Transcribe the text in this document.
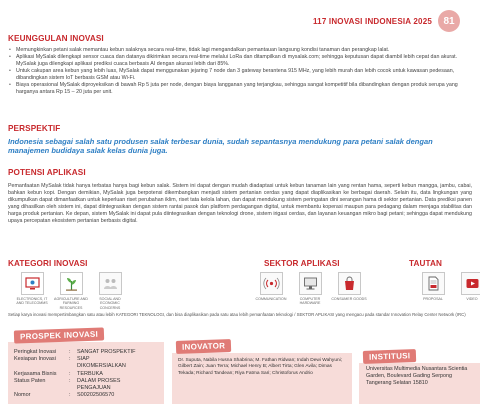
117 INOVASI INDONESIA 2025	81
KEUNGGULAN INOVASI
• Memungkinkan petani salak memantau kebun salaknya secara real-time, tidak lagi mengandalkan pemantauan langsung kondisi tanaman dan perangkap lalat.
• Aplikasi MySalak dilengkapi sensor cuaca dan datanya dikirimkan secara real-time melalui LoRa dan ditampilkan di mysalak.com; sehingga keputusan dapat diambil lebih cepat dan akurat. MySalak juga dilengkapi aplikasi prediksi cuaca berbasis AI dengan akurasi lebih dari 85%.
• Untuk cakupan area kebun yang lebih luas, MySalak dapat menggunakan jejaring 7 node dan 3 gateway berantena 915 MHz, yang lebih murah dan lebih cocok untuk kawasan pedesaan, dibandingkan sistem IoT berbasis GSM atau Wi-Fi.
• Biaya operasional MySalak diproyeksikan di bawah Rp 5 juta per node, dengan biaya langganan yang terjangkau, sehingga sangat kompetitif bila dibandingkan dengan produk serupa yang harganya antara Rp 15 – 20 juta per unit.
PERSPEKTIF
Indonesia sebagai salah satu produsen salak terbesar dunia, sudah sepantasnya mendukung para petani salak dengan manajemen budidaya salak kelas dunia juga.
POTENSI APLIKASI
Pemanfaatan MySalak tidak hanya terbatas hanya bagi kebun salak. Sistem ini dapat dengan mudah diadaptasi untuk kebun tanaman lain yang rentan hama, seperti kebun mangga, jambu, cabai, bahkan kebun kopi. Dengan demikian, MySalak juga berpotensi dikembangkan menjadi sistem pertanian cerdas yang dapat diaplikasikan ke berbagai daerah. Selain itu, data lingkungan yang dikumpulkan dapat dimanfaatkan untuk keperluan riset perubahan iklim, riset tata kelola lahan, dan dapat mendukung sistem peringatan dini serangan hama di sektor pertanian. Data prediksi panen yang dihasilkan oleh sistem ini, dapat diintegrasikan dengan sistem rantai pasok dan platform perdagangan digital, untuk membantu koperasi maupun para pedagang dalam menjaga stabilitas dan harga produk pertanian. Ke depan, sistem MySalak ini dapat pula diintegrasikan dengan teknologi drone, sistem irigasi cerdas, dan layanan keuangan mikro bagi petani; sehingga dapat mendukung upaya percepatan ekosistem pertanian berbasis digital.
KATEGORI INOVASI
ELECTRONICS, IT AND TELECOMMS
AGRICULTURE AND FARMING RESOURCES
SOCIAL AND ECONOMIC CONCERNS
SEKTOR APLIKASI
COMMUNICATION	COMPUTER HARDWARE
CONSUMER GOODS
TAUTAN
PROPOSAL	VIDEO
Setiap karya inovasi mempertimbangkan satu atau lebih KATEGORI TEKNOLOGI, dan bisa diaplikasikan pada satu atau lebih pemanfaatan teknologi / SEKTOR APLIKASI yang mengacu pada standar Innovation Relay Center Network (IRC)
PROSPEK INOVASI
INOVATOR
INSTITUSI
Peringkat Inovasi	:	SANGAT PROSPEKTIF
Kesiapan Inovasi	:	SIAP DIKOMERSIALKAN
Kerjasama Bisnis	:	TERBUKA
Status Paten	:	DALAM PROSES PENGAJUAN
Nomor	:	S00202506570
Dr. Suputa, Nabila Husna Shabrina; M. Fathan Ridwan; Indah Dewi Wahyuni; Gilbert Zain; Juan Terra; Michael Henry B; Albert Tirta; Glen Avila; Dimas Tekada; Richard Tandean; Riya Fatma Sari; Christoforus Andrio
Universitas Multimedia Nusantara Scientia Garden, Boulevard Gading Serpong Tangerang Selatan 15810
